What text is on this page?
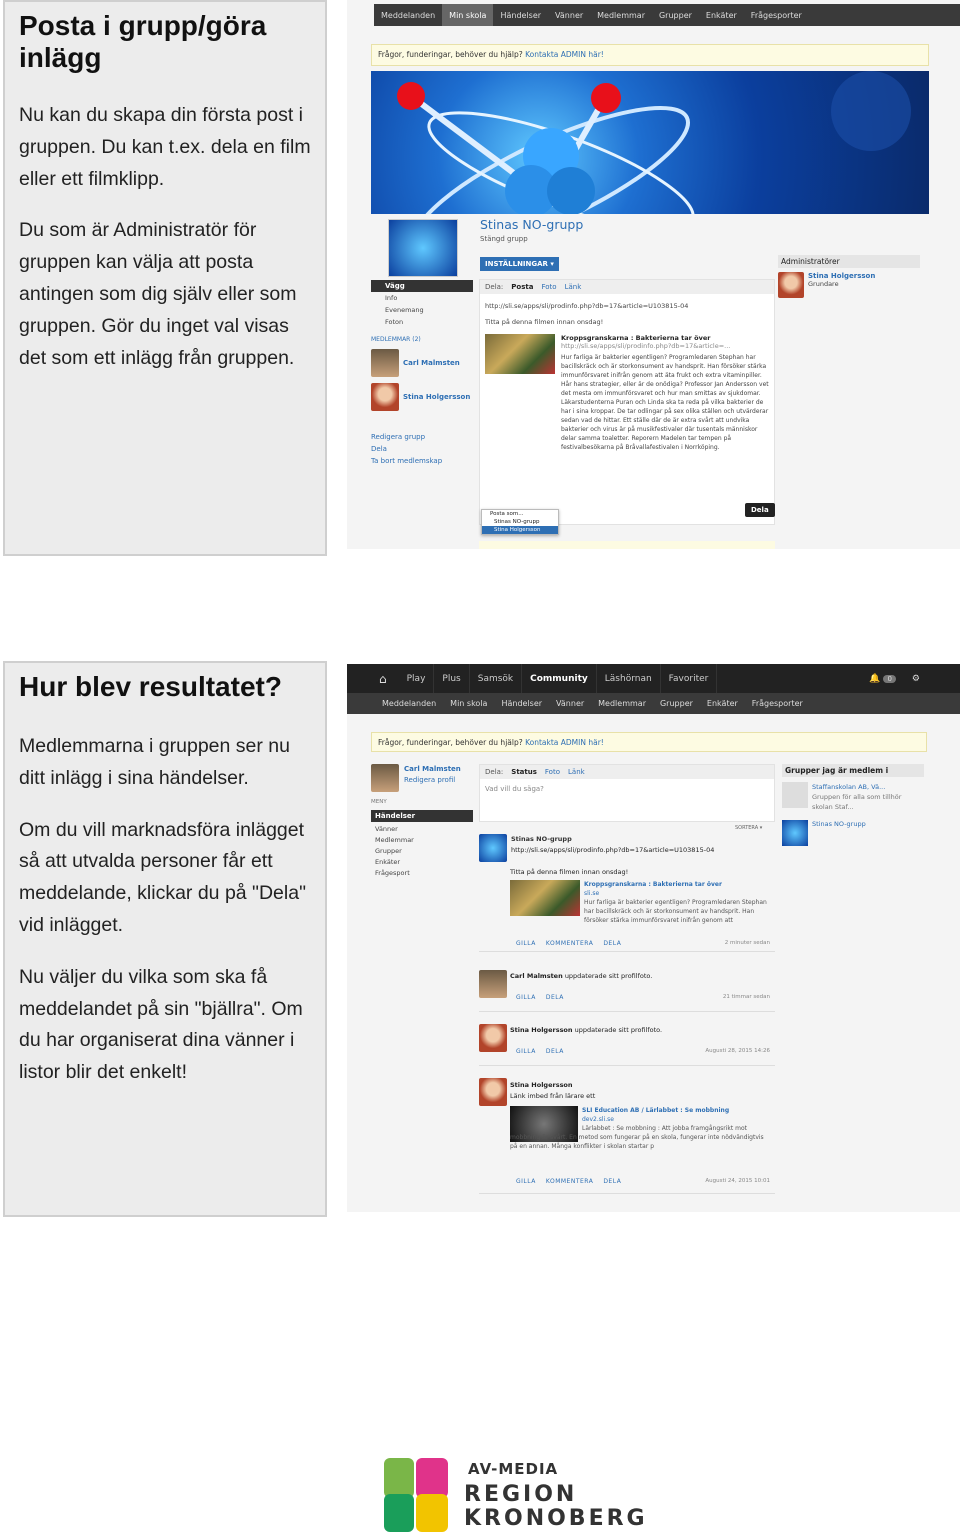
Posta i grupp/göra inlägg

Nu kan du skapa din första post i gruppen. Du kan t.ex. dela en film eller ett filmklipp.

Du som är Administratör för gruppen kan välja att posta antingen som dig själv eller som gruppen. Gör du inget val visas det som ett inlägg från gruppen.

Meddelanden	Min skola	Händelser	Vänner	Medlemmar	Grupper	Enkäter	Frågesporter
Frågor, funderingar, behöver du hjälp? Kontakta ADMIN här!
Stinas NO-grupp
Stängd grupp
INSTÄLLNINGAR ▾
Vägg
Info
Evenemang
Foton
MEDLEMMAR (2)
Carl Malmsten
Stina Holgersson
Redigera grupp
Dela
Ta bort medlemskap
Dela: Posta Foto Länk
http://sli.se/apps/sli/prodinfo.php?db=17&article=U103815-04
Titta på denna filmen innan onsdag!
Kroppsgranskarna : Bakterierna tar över
http://sli.se/apps/sli/prodinfo.php?db=17&article=...
Hur farliga är bakterier egentligen? Programledaren Stephan har bacillskräck och är storkonsument av handsprit. Han försöker stärka immunförsvaret inifrån genom att äta frukt och extra vitaminpiller. Hår hans strategier, eller är de onödiga? Professor Jan Andersson vet det mesta om immunförsvaret och hur man smittas av sjukdomar. Läkarstudenterna Puran och Linda ska ta reda på vilka bakterier de har i sina kroppar. De tar odlingar på sex olika ställen och utvärderar sedan vad de hittar. Ett ställe där de är extra svårt att undvika bakterier och virus är på musikfestivaler där tusentals människor delar samma toaletter. Reporern Madelen tar tempen på festivalbesökarna på Bråvallafestivalen i Norrköping.
Posta som...
Stinas NO-grupp
Stina Holgersson
Dela
Administratörer
Stina Holgersson
Grundare
Hur blev resultatet?

Medlemmarna i gruppen ser nu ditt inlägg i sina händelser.

Om du vill marknadsföra inlägget så att utvalda personer får ett meddelande, klickar du på "Dela" vid inlägget.

Nu väljer du vilka som ska få meddelandet på sin "bjällra". Om du har organiserat dina vänner i listor blir det enkelt!

⌂	Play	Plus	Samsök	Community	Läshörnan	Favoriter	🔔	0	⚙
Meddelanden	Min skola	Händelser	Vänner	Medlemmar	Grupper	Enkäter	Frågesporter
Frågor, funderingar, behöver du hjälp? Kontakta ADMIN här!
Carl Malmsten
Redigera profil
MENY
Händelser
Vänner
Medlemmar
Grupper
Enkäter
Frågesport
Dela: Status Foto Länk
Vad vill du säga?
SORTERA ▾
Stinas NO-grupp
http://sli.se/apps/sli/prodinfo.php?db=17&article=U103815-04
Titta på denna filmen innan onsdag!
Kroppsgranskarna : Bakterierna tar över
sli.se
Hur farliga är bakterier egentligen? Programledaren Stephan har bacillskräck och är storkonsument av handsprit. Han försöker stärka immunförsvaret inifrån genom att
GILLA KOMMENTERA DELA	2 minuter sedan
Carl Malmsten uppdaterade sitt profilfoto.
GILLA DELA	21 timmar sedan
Stina Holgersson uppdaterade sitt profilfoto.
GILLA DELA	Augusti 28, 2015 14:26
Stina Holgersson
Länk imbed från lärare ett
SLI Education AB / Lärlabbet : Se mobbning
dev2.sli.se
Lärlabbet : Se mobbning : Att jobba framgångsrikt mot mobbning är svårt. En metod som fungerar på en skola, fungerar inte nödvändigtvis på en annan. Många konflikter i skolan startar p
GILLA KOMMENTERA DELA	Augusti 24, 2015 10:01
Grupper jag är medlem i
Staffanskolan AB, Vä...
Gruppen för alla som tillhör skolan Staf...
Stinas NO-grupp
AV-MEDIA
REGION
KRONOBERG
